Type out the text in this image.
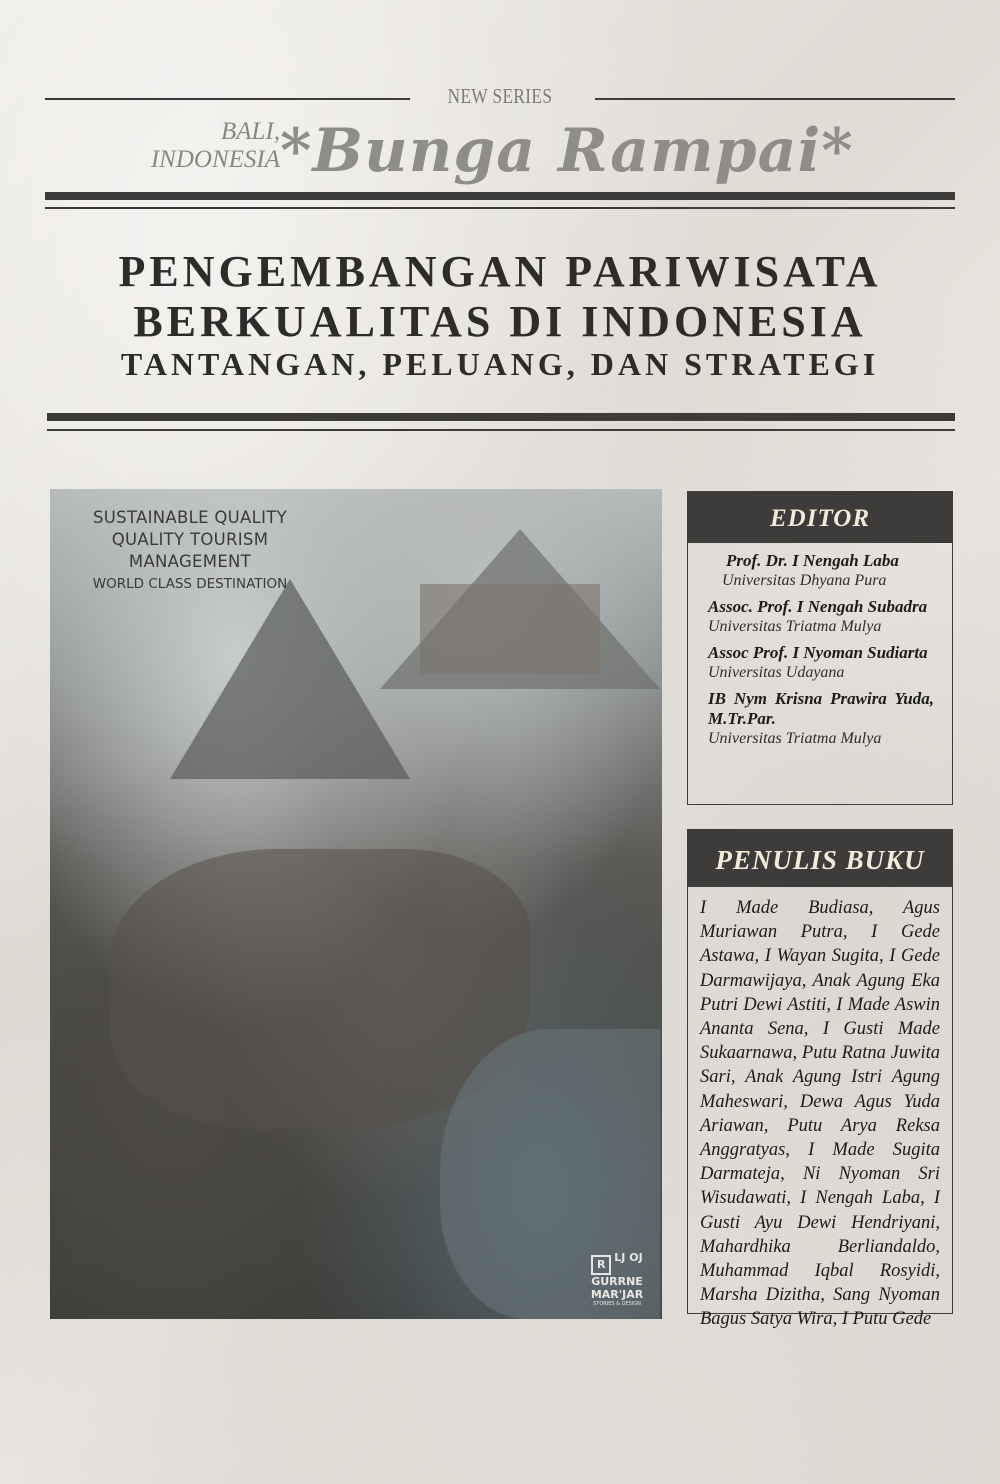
NEW SERIES
BALI,
INDONESIA *Bunga Rampai*
PENGEMBANGAN PARIWISATA
BERKUALITAS DI INDONESIA
TANTANGAN, PELUANG, DAN STRATEGI
SUSTAINABLE QUALITY
QUALITY TOURISM
MANAGEMENT
WORLD CLASS DESTINATION
RLJ OJ
GURRNE
MAR'JAR
STORIES & DESIGN
EDITOR
Prof. Dr. I Nengah Laba
Universitas Dhyana Pura
Assoc. Prof. I Nengah Subadra
Universitas Triatma Mulya
Assoc Prof. I Nyoman Sudiarta
Universitas Udayana
IB Nym Krisna Prawira Yuda, M.Tr.Par.
Universitas Triatma Mulya
PENULIS BUKU
I Made Budiasa, Agus Muriawan Putra, I Gede Astawa, I Wayan Sugita, I Gede Darmawijaya, Anak Agung Eka Putri Dewi Astiti, I Made Aswin Ananta Sena, I Gusti Made Sukaarnawa, Putu Ratna Juwita Sari, Anak Agung Istri Agung Maheswari, Dewa Agus Yuda Ariawan, Putu Arya Reksa Anggratyas, I Made Sugita Darmateja, Ni Nyoman Sri Wisudawati, I Nengah Laba, I Gusti Ayu Dewi Hendriyani, Mahardhika Berliandaldo, Muhammad Iqbal Rosyidi, Marsha Dizitha, Sang Nyoman Bagus Satya Wira, I Putu Gede
